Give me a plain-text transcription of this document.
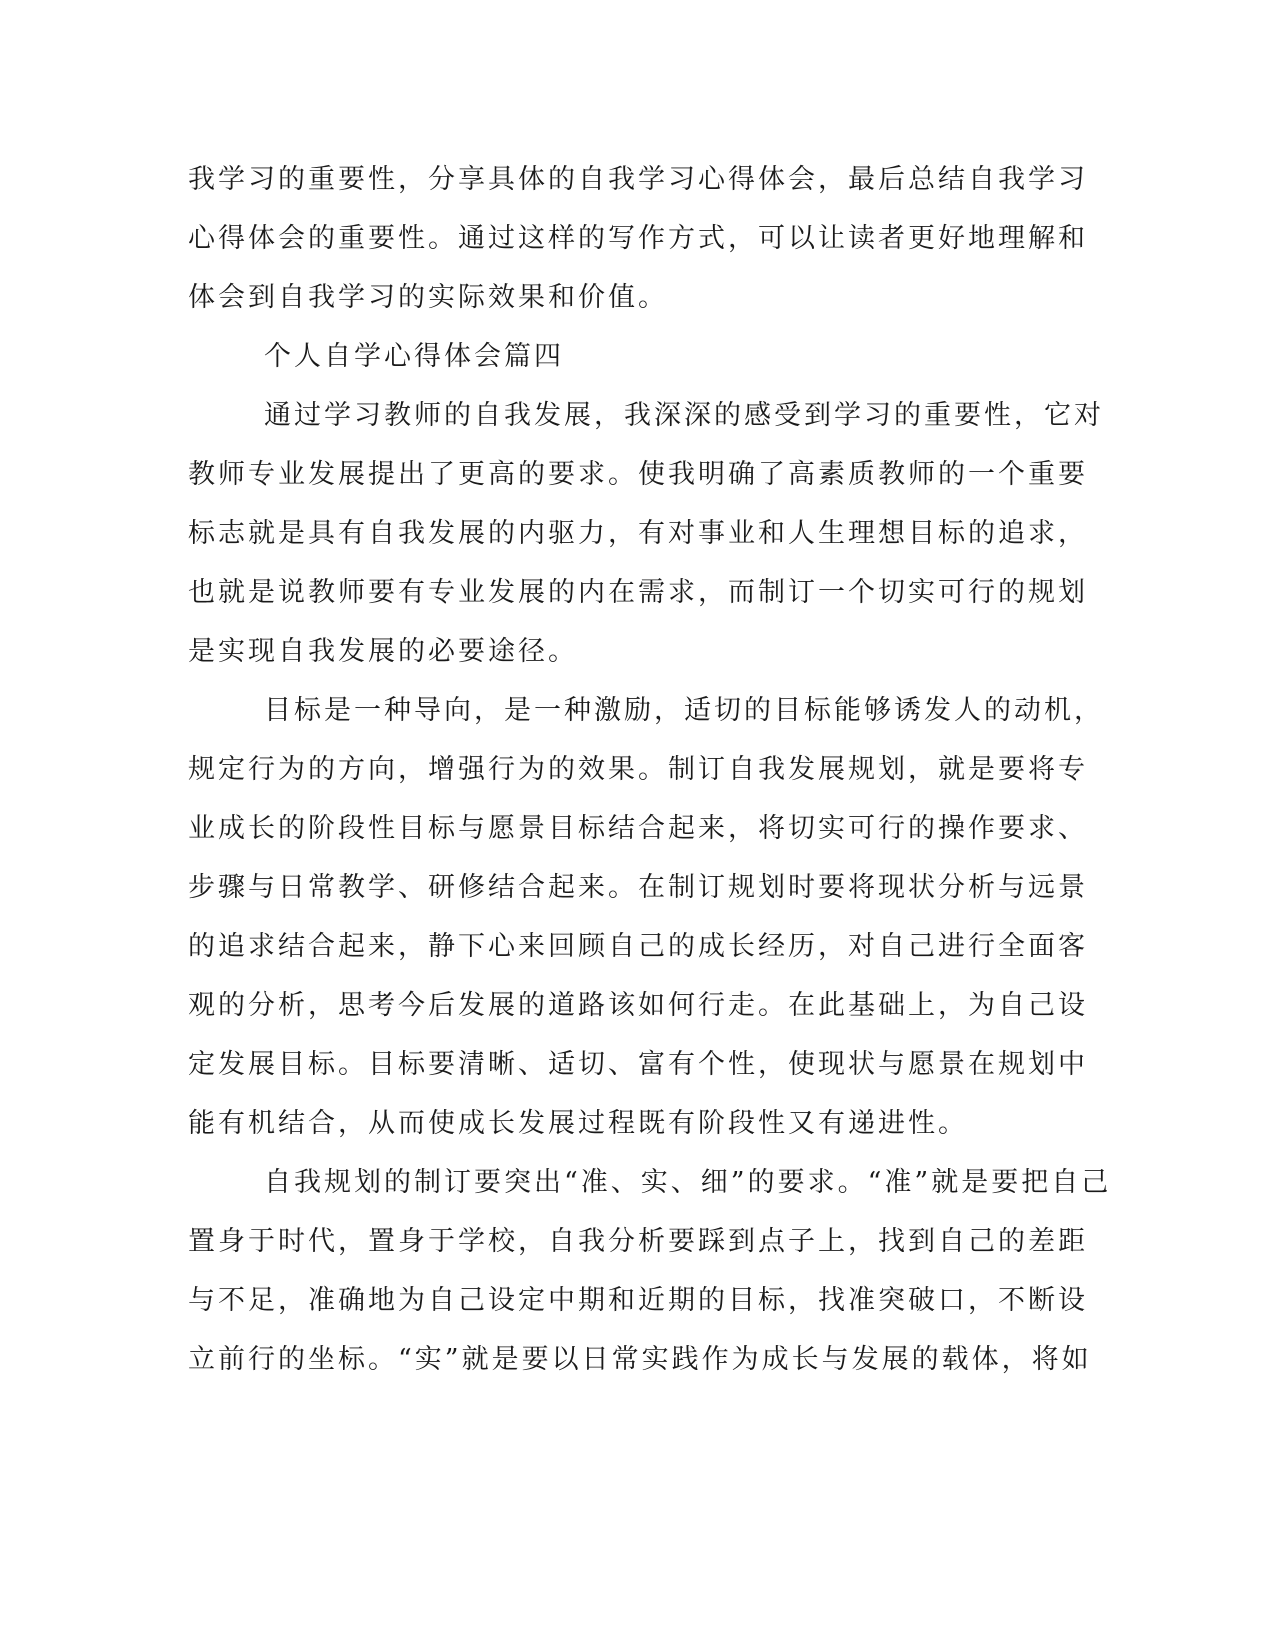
我学习的重要性，分享具体的自我学习心得体会，最后总结自我学习
心得体会的重要性。通过这样的写作方式，可以让读者更好地理解和
体会到自我学习的实际效果和价值。
个人自学心得体会篇四
通过学习教师的自我发展，我深深的感受到学习的重要性，它对
教师专业发展提出了更高的要求。使我明确了高素质教师的一个重要
标志就是具有自我发展的内驱力，有对事业和人生理想目标的追求，
也就是说教师要有专业发展的内在需求，而制订一个切实可行的规划
是实现自我发展的必要途径。
目标是一种导向，是一种激励，适切的目标能够诱发人的动机，
规定行为的方向，增强行为的效果。制订自我发展规划，就是要将专
业成长的阶段性目标与愿景目标结合起来，将切实可行的操作要求、
步骤与日常教学、研修结合起来。在制订规划时要将现状分析与远景
的追求结合起来，静下心来回顾自己的成长经历，对自己进行全面客
观的分析，思考今后发展的道路该如何行走。在此基础上，为自己设
定发展目标。目标要清晰、适切、富有个性，使现状与愿景在规划中
能有机结合，从而使成长发展过程既有阶段性又有递进性。
自我规划的制订要突出“准、实、细”的要求。“准”就是要把自己
置身于时代，置身于学校，自我分析要踩到点子上，找到自己的差距
与不足，准确地为自己设定中期和近期的目标，找准突破口，不断设
立前行的坐标。“实”就是要以日常实践作为成长与发展的载体，将如
